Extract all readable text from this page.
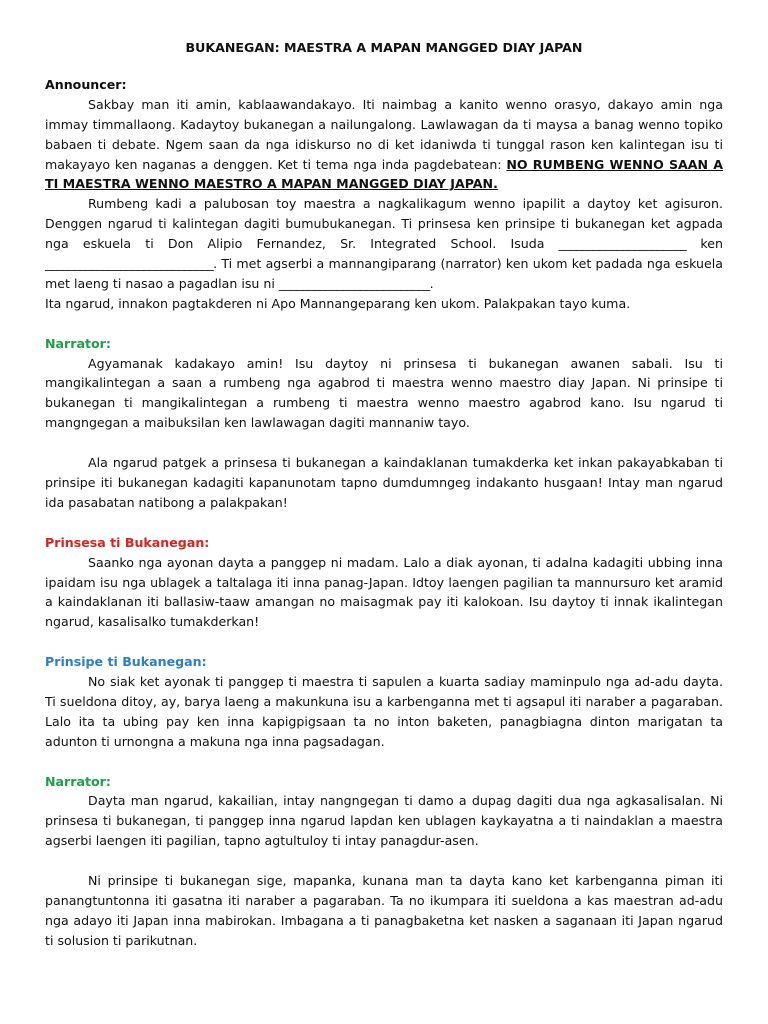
BUKANEGAN: MAESTRA A MAPAN MANGGED DIAY JAPAN
Announcer:

Sakbay man iti amin, kablaawandakayo. Iti naimbag a kanito wenno orasyo, dakayo amin nga immay timmallaong. Kadaytoy bukanegan a nailungalong. Lawlawagan da ti maysa a banag wenno topiko babaen ti debate. Ngem saan da nga idiskurso no di ket idaniwda ti tunggal rason ken kalintegan isu ti makayayo ken naganas a denggen. Ket ti tema nga inda pagdebatean: NO RUMBENG WENNO SAAN A TI MAESTRA WENNO MAESTRO A MAPAN MANGGED DIAY JAPAN.

Rumbeng kadi a palubosan toy maestra a nagkalikagum wenno ipapilit a daytoy ket agisuron. Denggen ngarud ti kalintegan dagiti bumubukanegan. Ti prinsesa ken prinsipe ti bukanegan ket agpada nga eskuela ti Don Alipio Fernandez, Sr. Integrated School. Isuda ______________________ ken _____________________________. Ti met agserbi a mannangiparang (narrator) ken ukom ket padada nga eskuela met laeng ti nasao a pagadlan isu ni __________________________.

Ita ngarud, innakon pagtakderen ni Apo Mannangeparang ken ukom. Palakpakan tayo kuma.

Narrator:

Agyamanak kadakayo amin! Isu daytoy ni prinsesa ti bukanegan awanen sabali. Isu ti mangikalintegan a saan a rumbeng nga agabrod ti maestra wenno maestro diay Japan. Ni prinsipe ti bukanegan ti mangikalintegan a rumbeng ti maestra wenno maestro agabrod kano. Isu ngarud ti mangngegan a maibuksilan ken lawlawagan dagiti mannaniw tayo.

Ala ngarud patgek a prinsesa ti bukanegan a kaindaklanan tumakderka ket inkan pakayabkaban ti prinsipe iti bukanegan kadagiti kapanunotam tapno dumdumngeg indakanto husgaan! Intay man ngarud ida pasabatan natibong a palakpakan!

Prinsesa ti Bukanegan:

Saanko nga ayonan dayta a panggep ni madam. Lalo a diak ayonan, ti adalna kadagiti ubbing inna ipaidam isu nga ublagek a taltalaga iti inna panag-Japan. Idtoy laengen pagilian ta mannursuro ket aramid a kaindaklanan iti ballasiw-taaw amangan no maisagmak pay iti kalokoan. Isu daytoy ti innak ikalintegan ngarud, kasalisalko tumakderkan!

Prinsipe ti Bukanegan:

No siak ket ayonak ti panggep ti maestra ti sapulen a kuarta sadiay maminpulo nga ad-adu dayta. Ti sueldona ditoy, ay, barya laeng a makunkuna isu a karbenganna met ti agsapul iti naraber a pagaraban. Lalo ita ta ubing pay ken inna kapigpigsaan ta no inton baketen, panagbiagna dinton marigatan ta adunton ti urnongna a makuna nga inna pagsadagan.

Narrator:

Dayta man ngarud, kakailian, intay nangngegan ti damo a dupag dagiti dua nga agkasalisalan. Ni prinsesa ti bukanegan, ti panggep inna ngarud lapdan ken ublagen kaykayatna a ti naindaklan a maestra agserbi laengen iti pagilian, tapno agtultuloy ti intay panagdur-asen.

Ni prinsipe ti bukanegan sige, mapanka, kunana man ta dayta kano ket karbenganna piman iti panangtuntonna iti gasatna iti naraber a pagaraban. Ta no ikumpara iti sueldona a kas maestran ad-adu nga adayo iti Japan inna mabirokan. Imbagana a ti panagbaketna ket nasken a saganaan iti Japan ngarud ti solusion ti parikutnan.
